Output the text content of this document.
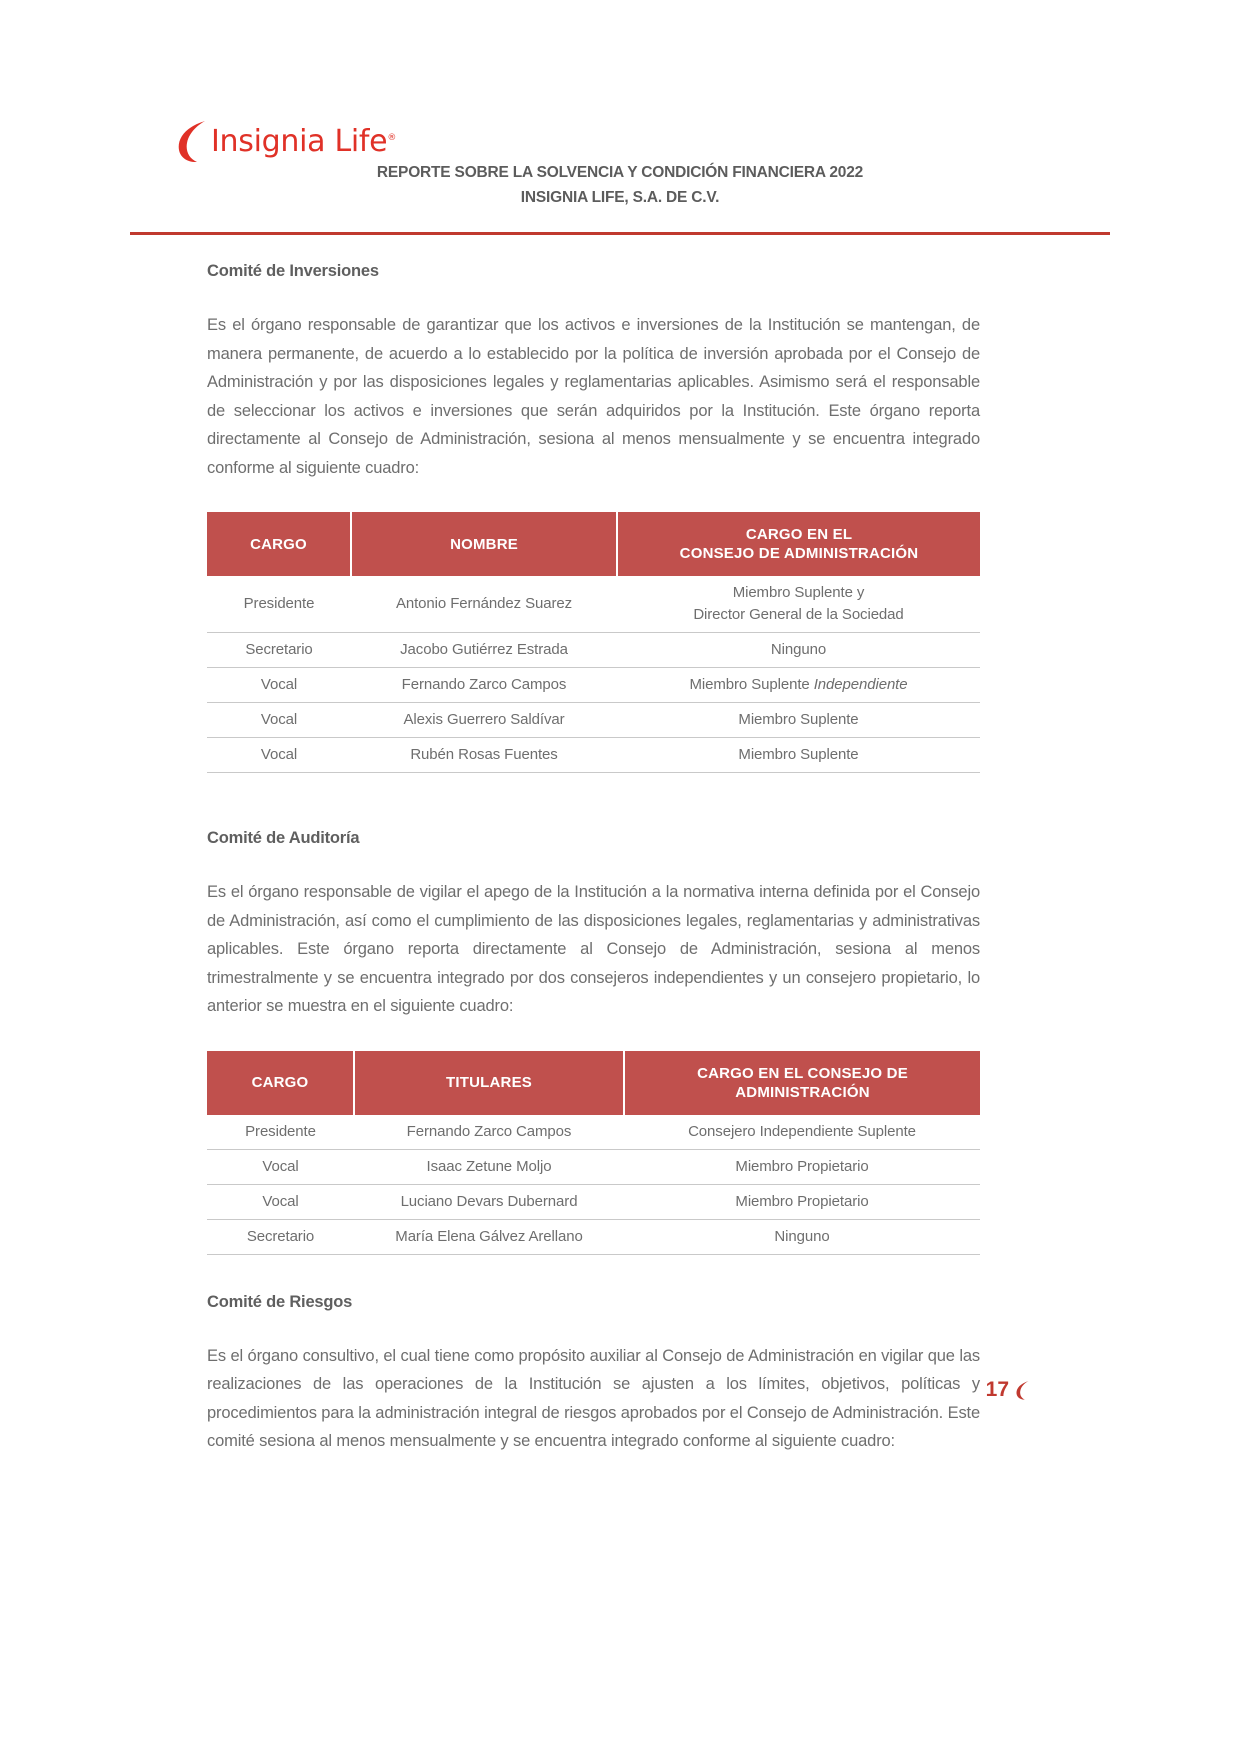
Insignia Life®
REPORTE SOBRE LA SOLVENCIA Y CONDICIÓN FINANCIERA 2022
INSIGNIA LIFE, S.A. DE C.V.
Comité de Inversiones

Es el órgano responsable de garantizar que los activos e inversiones de la Institución se mantengan, de manera permanente, de acuerdo a lo establecido por la política de inversión aprobada por el Consejo de Administración y por las disposiciones legales y reglamentarias aplicables. Asimismo será el responsable de seleccionar los activos e inversiones que serán adquiridos por la Institución. Este órgano reporta directamente al Consejo de Administración, sesiona al menos mensualmente y se encuentra integrado conforme al siguiente cuadro:

CARGO	NOMBRE	CARGO EN EL
CONSEJO DE ADMINISTRACIÓN

Presidente	Antonio Fernández Suarez	Miembro Suplente y
Director General de la Sociedad

Secretario	Jacobo Gutiérrez Estrada	Ninguno
Vocal	Fernando Zarco Campos	Miembro Suplente Independiente
Vocal	Alexis Guerrero Saldívar	Miembro Suplente
Vocal	Rubén Rosas Fuentes	Miembro Suplente
Comité de Auditoría

Es el órgano responsable de vigilar el apego de la Institución a la normativa interna definida por el Consejo de Administración, así como el cumplimiento de las disposiciones legales, reglamentarias y administrativas aplicables. Este órgano reporta directamente al Consejo de Administración, sesiona al menos trimestralmente y se encuentra integrado por dos consejeros independientes y un consejero propietario, lo anterior se muestra en el siguiente cuadro:

CARGO	TITULARES	CARGO EN EL CONSEJO DE
ADMINISTRACIÓN

Presidente	Fernando Zarco Campos	Consejero Independiente Suplente
Vocal	Isaac Zetune Moljo	Miembro Propietario
Vocal	Luciano Devars Dubernard	Miembro Propietario
Secretario	María Elena Gálvez Arellano	Ninguno
Comité de Riesgos

Es el órgano consultivo, el cual tiene como propósito auxiliar al Consejo de Administración en vigilar que las realizaciones de las operaciones de la Institución se ajusten a los límites, objetivos, políticas y procedimientos para la administración integral de riesgos aprobados por el Consejo de Administración. Este comité sesiona al menos mensualmente y se encuentra integrado conforme al siguiente cuadro:

17
